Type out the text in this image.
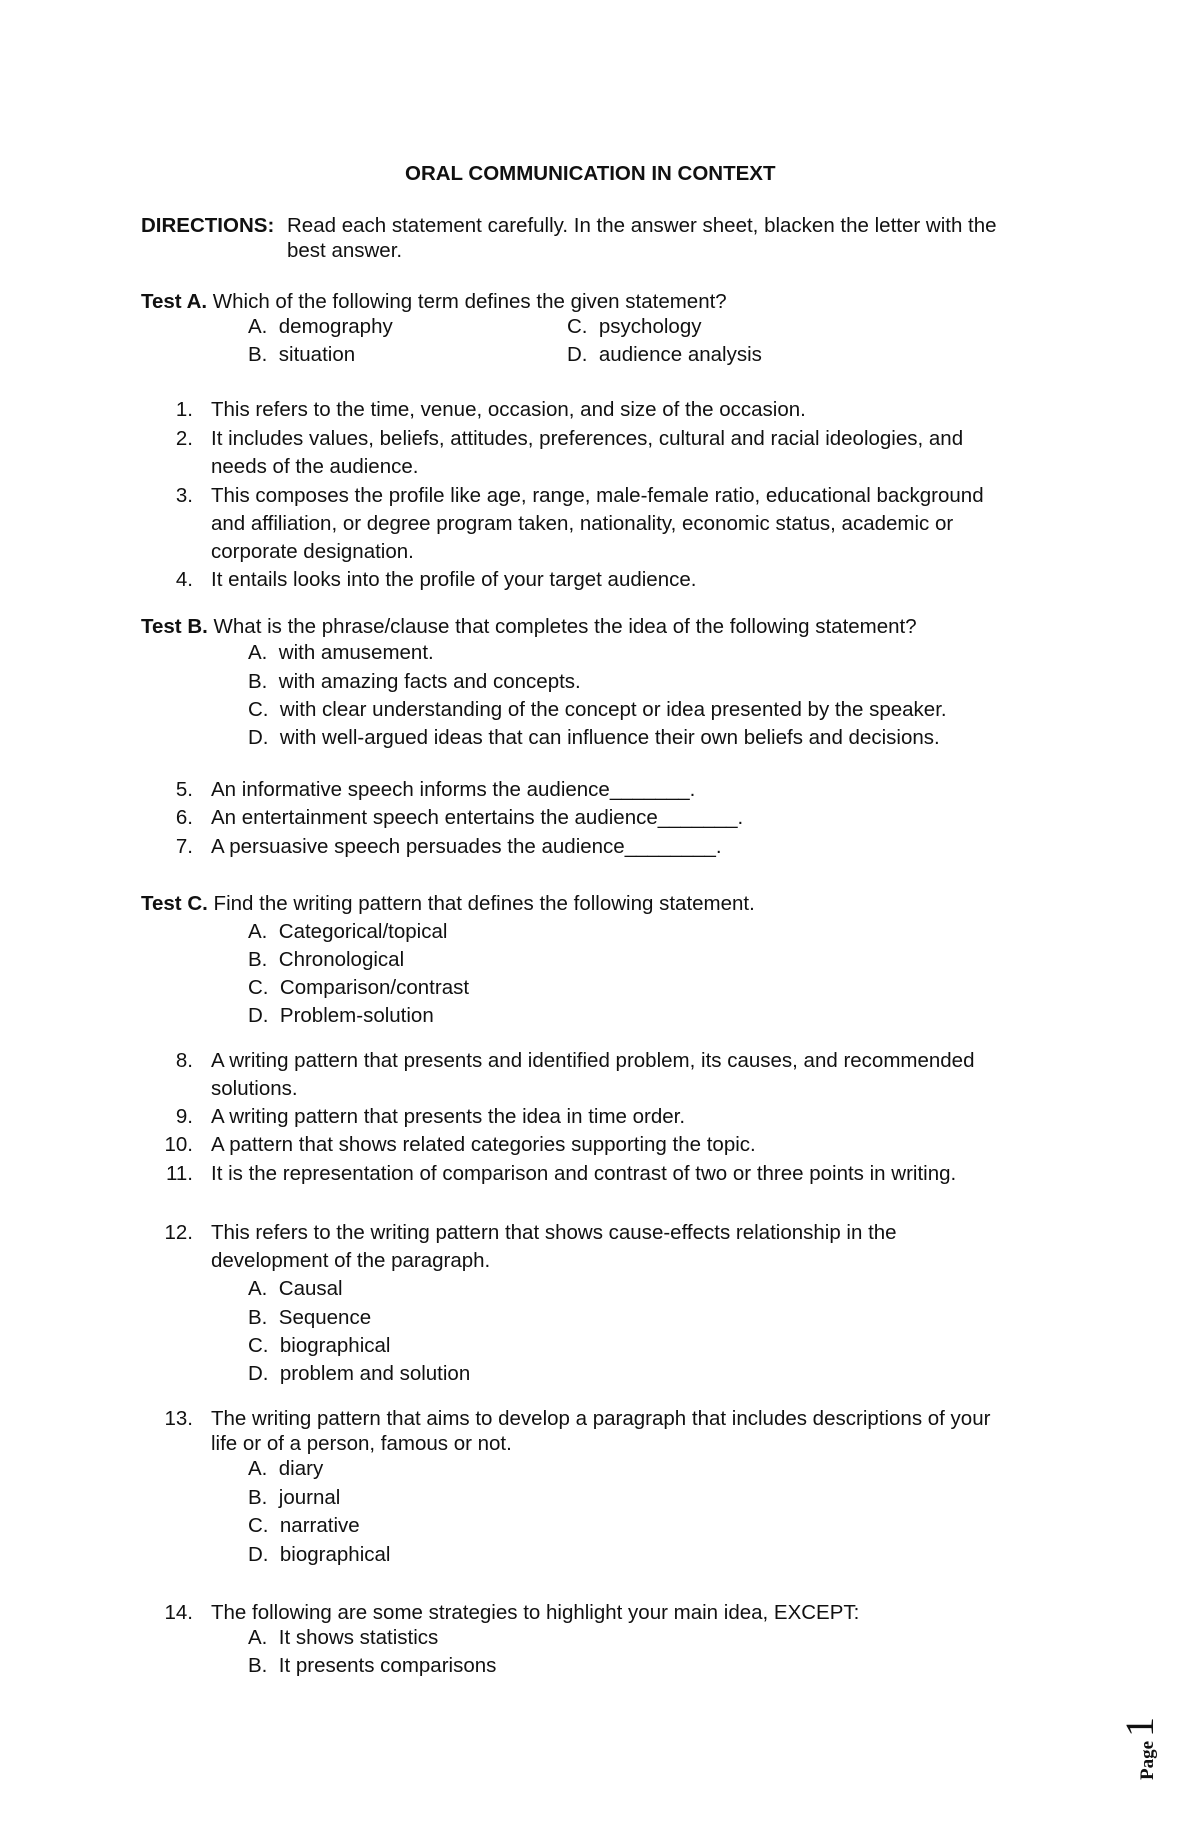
ORAL COMMUNICATION IN CONTEXT
DIRECTIONS: Read each statement carefully. In the answer sheet, blacken the letter with the
best answer.
Test A. Which of the following term defines the given statement?
A.  demography	C.  psychology
B.  situation	D.  audience analysis
1. This refers to the time, venue, occasion, and size of the occasion.
2. It includes values, beliefs, attitudes, preferences, cultural and racial ideologies, and
needs of the audience.
3. This composes the profile like age, range, male-female ratio, educational background
and affiliation, or degree program taken, nationality, economic status, academic or
corporate designation.
4. It entails looks into the profile of your target audience.
Test B. What is the phrase/clause that completes the idea of the following statement?
A.  with amusement.
B.  with amazing facts and concepts.
C.  with clear understanding of the concept or idea presented by the speaker.
D.  with well-argued ideas that can influence their own beliefs and decisions.
5. An informative speech informs the audience_______.
6. An entertainment speech entertains the audience_______.
7. A persuasive speech persuades the audience________.
Test C. Find the writing pattern that defines the following statement.
A.  Categorical/topical
B.  Chronological
C.  Comparison/contrast
D.  Problem-solution
8. A writing pattern that presents and identified problem, its causes, and recommended
solutions.
9. A writing pattern that presents the idea in time order.
10. A pattern that shows related categories supporting the topic.
11. It is the representation of comparison and contrast of two or three points in writing.
12. This refers to the writing pattern that shows cause-effects relationship in the
development of the paragraph.
A.  Causal
B.  Sequence
C.  biographical
D.  problem and solution
13. The writing pattern that aims to develop a paragraph that includes descriptions of your
life or of a person, famous or not.
A.  diary
B.  journal
C.  narrative
D.  biographical
14. The following are some strategies to highlight your main idea, EXCEPT:
A.  It shows statistics
B.  It presents comparisons
Page 1
